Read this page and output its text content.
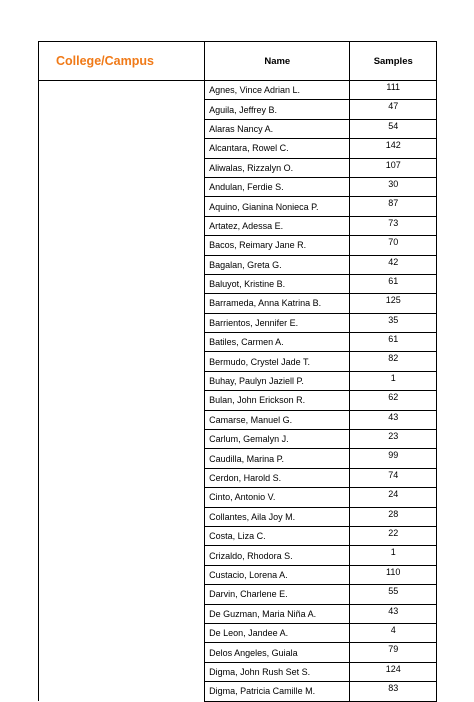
College/Campus	Name	Samples
	Agnes, Vince Adrian L.	111
	Aguila, Jeffrey B.	47
	Alaras Nancy A.	54
	Alcantara, Rowel C.	142
	Aliwalas, Rizzalyn O.	107
	Andulan, Ferdie S.	30
	Aquino, Gianina Nonieca P.	87
	Artatez, Adessa E.	73
	Bacos, Reimary Jane R.	70
	Bagalan, Greta G.	42
	Baluyot, Kristine B.	61
	Barrameda, Anna Katrina B.	125
	Barrientos, Jennifer E.	35
	Batiles, Carmen A.	61
	Bermudo, Crystel Jade T.	82
	Buhay, Paulyn Jaziell P.	1
	Bulan, John Erickson R.	62
	Camarse, Manuel G.	43
	Carlum, Gemalyn J.	23
	Caudilla, Marina P.	99
	Cerdon, Harold S.	74
	Cinto, Antonio V.	24
	Collantes, Aila Joy M.	28
	Costa, Liza C.	22
	Crizaldo, Rhodora S.	1
	Custacio, Lorena A.	110
	Darvin, Charlene E.	55
	De Guzman, Maria Niña A.	43
	De Leon, Jandee A.	4
	Delos Angeles, Guiala	79
	Digma, John Rush Set S.	124
	Digma, Patricia Camille M.	83
